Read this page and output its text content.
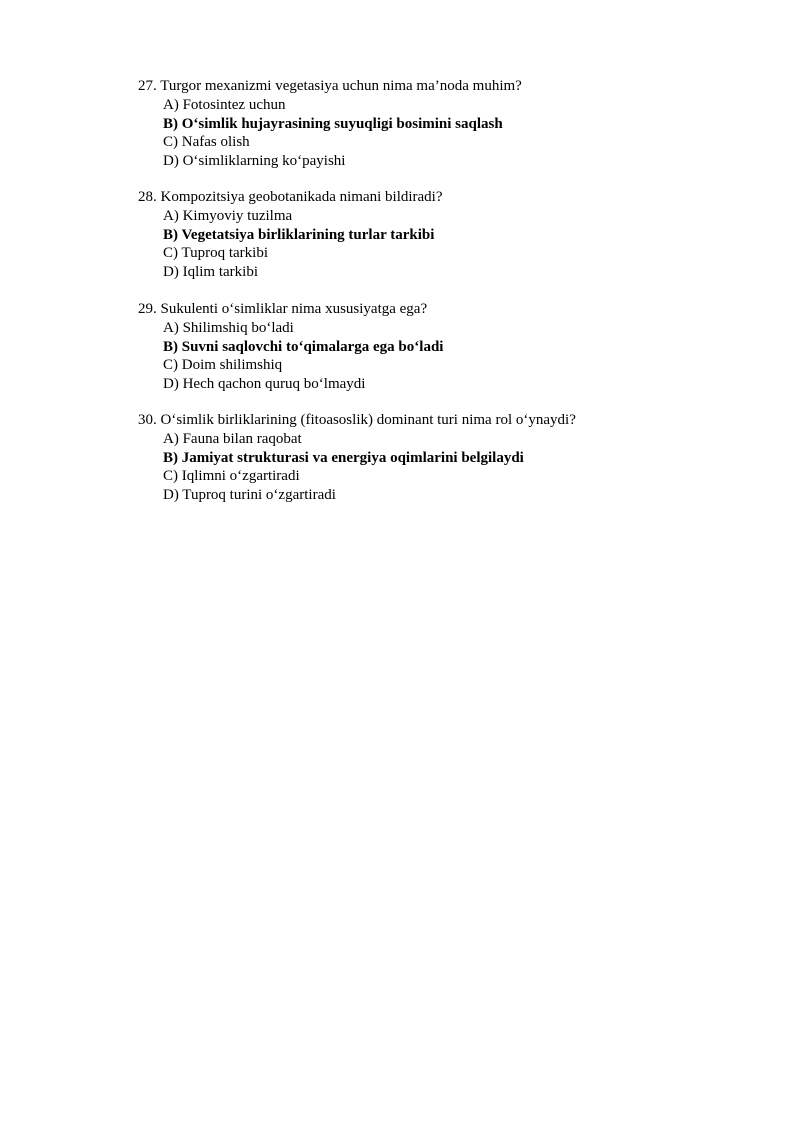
27. Turgor mexanizmi vegetasiya uchun nima ma’noda muhim?
A) Fotosintez uchun
B) O‘simlik hujayrasining suyuqligi bosimini saqlash
C) Nafas olish
D) O‘simliklarning ko‘payishi
28. Kompozitsiya geobotanikada nimani bildiradi?
A) Kimyoviy tuzilma
B) Vegetatsiya birliklarining turlar tarkibi
C) Tuproq tarkibi
D) Iqlim tarkibi
29. Sukulenti o‘simliklar nima xususiyatga ega?
A) Shilimshiq bo‘ladi
B) Suvni saqlovchi to‘qimalarga ega bo‘ladi
C) Doim shilimshiq
D) Hech qachon quruq bo‘lmaydi
30. O‘simlik birliklarining (fitoasoslik) dominant turi nima rol o‘ynaydi?
A) Fauna bilan raqobat
B) Jamiyat strukturasi va energiya oqimlarini belgilaydi
C) Iqlimni o‘zgartiradi
D) Tuproq turini o‘zgartiradi
